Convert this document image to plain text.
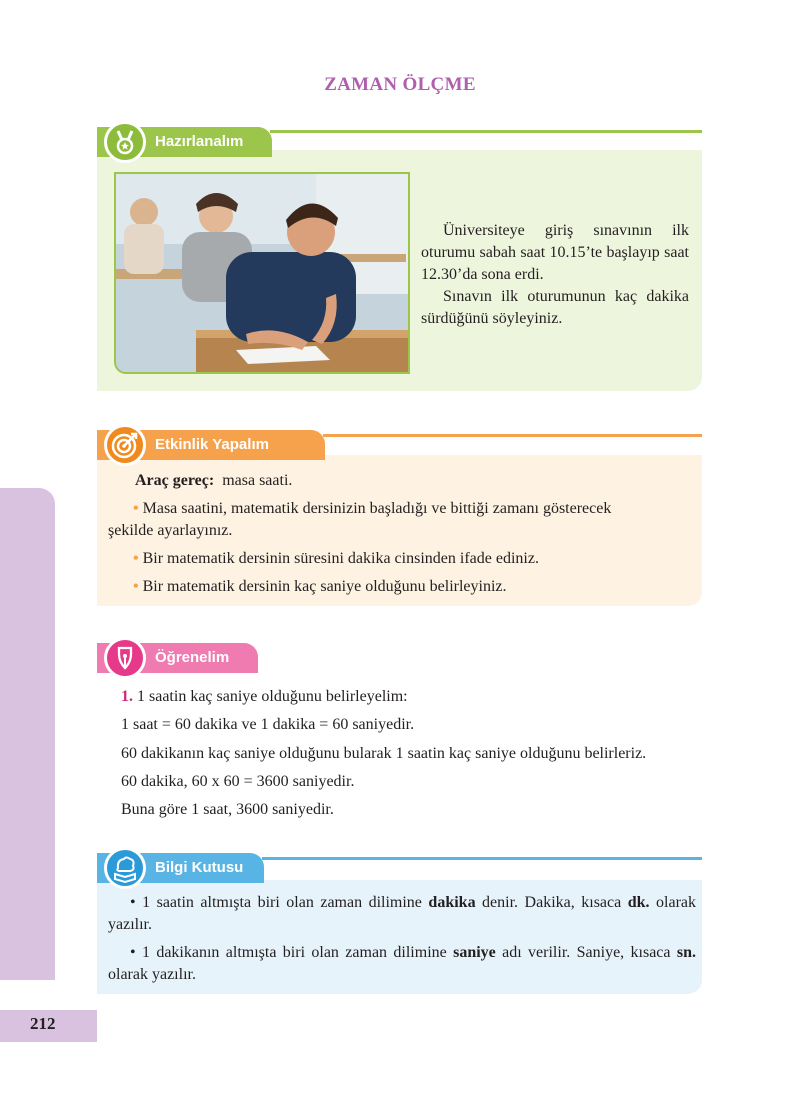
212
ZAMAN ÖLÇME
Hazırlanalım

Üniversiteye giriş sınavının ilk oturumu sabah saat 10.15’te başlayıp saat 12.30’da sona erdi.

Sınavın ilk oturumunun kaç dakika sürdüğünü söyleyiniz.

Etkinlik Yapalım
Araç gereç: masa saati.
• Masa saatini, matematik dersinizin başladığı ve bittiği zamanı gösterecek
şekilde ayarlayınız.
• Bir matematik dersinin süresini dakika cinsinden ifade ediniz.
• Bir matematik dersinin kaç saniye olduğunu belirleyiniz.
Öğrenelim
1. 1 saatin kaç saniye olduğunu belirleyelim:
1 saat = 60 dakika ve 1 dakika = 60 saniyedir.
60 dakikanın kaç saniye olduğunu bularak 1 saatin kaç saniye olduğunu belirleriz.
60 dakika, 60 x 60 = 3600 saniyedir.
Buna göre 1 saat, 3600 saniyedir.
Bilgi Kutusu

• 1 saatin altmışta biri olan zaman dilimine dakika denir. Dakika, kısaca dk. olarak yazılır.

• 1 dakikanın altmışta biri olan zaman dilimine saniye adı verilir. Saniye, kısaca sn. olarak yazılır.
